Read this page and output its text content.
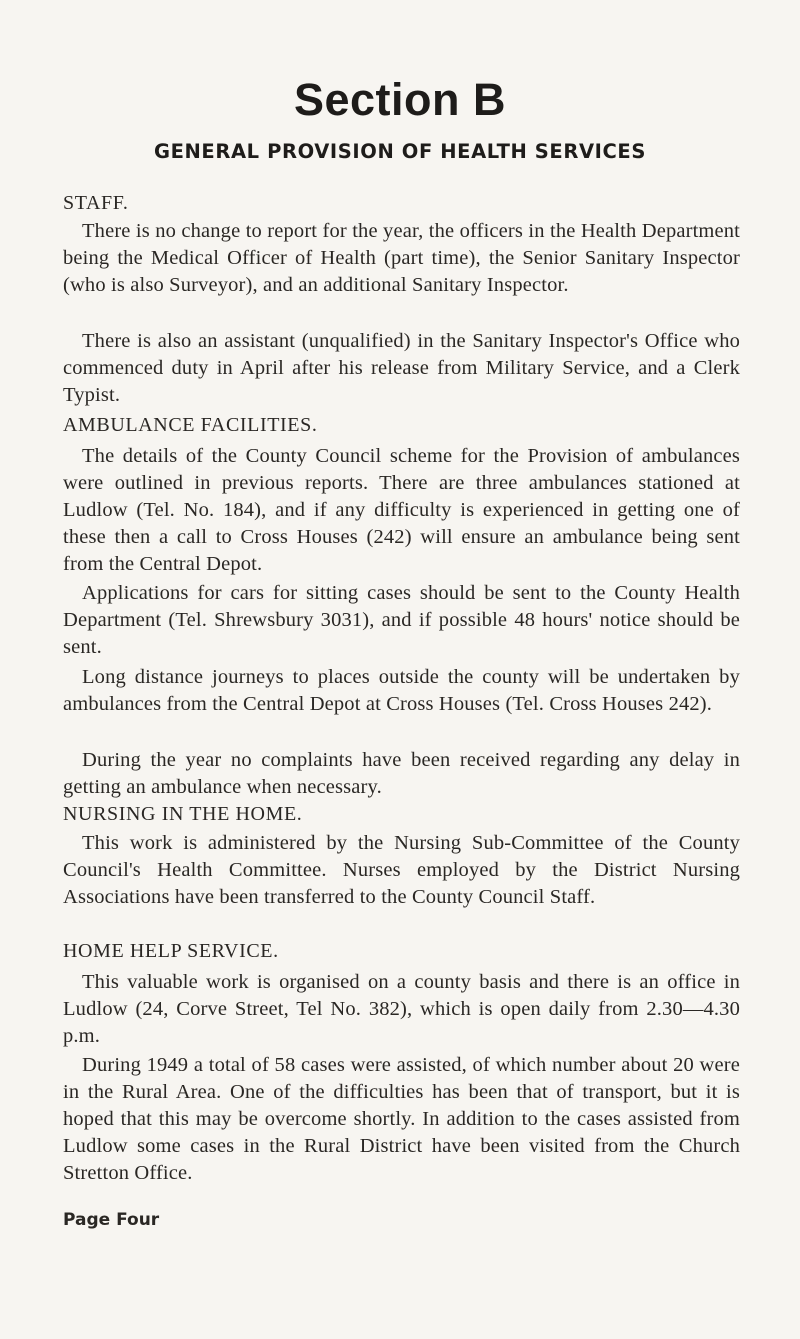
Section B
GENERAL PROVISION OF HEALTH SERVICES
STAFF.
There is no change to report for the year, the officers in the Health Department being the Medical Officer of Health (part time), the Senior Sanitary Inspector (who is also Surveyor), and an additional Sanitary Inspector.
There is also an assistant (unqualified) in the Sanitary Inspector's Office who commenced duty in April after his release from Military Service, and a Clerk Typist.
AMBULANCE FACILITIES.
The details of the County Council scheme for the Provision of ambulances were outlined in previous reports. There are three ambulances stationed at Ludlow (Tel. No. 184), and if any difficulty is experienced in getting one of these then a call to Cross Houses (242) will ensure an ambulance being sent from the Central Depot.
Applications for cars for sitting cases should be sent to the County Health Department (Tel. Shrewsbury 3031), and if possible 48 hours' notice should be sent.
Long distance journeys to places outside the county will be undertaken by ambulances from the Central Depot at Cross Houses (Tel. Cross Houses 242).
During the year no complaints have been received regarding any delay in getting an ambulance when necessary.
NURSING IN THE HOME.
This work is administered by the Nursing Sub-Committee of the County Council's Health Committee. Nurses employed by the District Nursing Associations have been transferred to the County Council Staff.
HOME HELP SERVICE.
This valuable work is organised on a county basis and there is an office in Ludlow (24, Corve Street, Tel No. 382), which is open daily from 2.30—4.30 p.m.
During 1949 a total of 58 cases were assisted, of which number about 20 were in the Rural Area. One of the difficulties has been that of transport, but it is hoped that this may be overcome shortly. In addition to the cases assisted from Ludlow some cases in the Rural District have been visited from the Church Stretton Office.
Page Four
